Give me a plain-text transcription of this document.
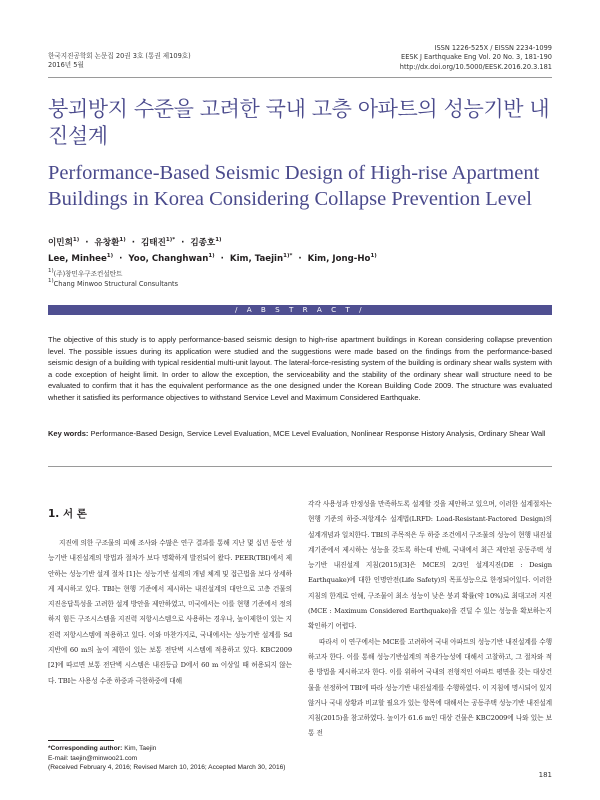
한국지진공학회 논문집 20권 3호 (통권 제109호)
2016년 5월
ISSN 1226-525X / EISSN 2234-1099
EESK J Earthquake Eng Vol. 20 No. 3, 181-190
http://dx.doi.org/10.5000/EESK.2016.20.3.181
붕괴방지 수준을 고려한 국내 고층 아파트의 성능기반 내진설계
Performance-Based Seismic Design of High-rise Apartment Buildings in Korea Considering Collapse Prevention Level
이민희$^{1)}$  ·  유창환$^{1)}$  ·  김태진$^{1)*}$  ·  김종호$^{1)}$
Lee, Minhee$^{1)}$  ·  Yoo, Changhwan$^{1)}$  ·  Kim, Taejin$^{1)*}$  ·  Kim, Jong-Ho$^{1)}$
$^{1)}$(주)창민우구조컨설탄트
$^{1)}$Chang Minwoo Structural Consultants
/ A B S T R A C T /
The objective of this study is to apply performance-based seismic design to high-rise apartment buildings in Korean considering collapse prevention level. The possible issues during its application were studied and the suggestions were made based on the findings from the performance-based seismic design of a building with typical residential multi-unit layout. The lateral-force-resisting system of the building is ordinary shear walls system with a code exception of height limit. In order to allow the exception, the serviceability and the stability of the ordinary shear wall structure need to be evaluated to confirm that it has the equivalent performance as the one designed under the Korean Building Code 2009. The structure was evaluated whether it satisfied its performance objectives to withstand Service Level and Maximum Considered Earthquake.
Key words: Performance-Based Design, Service Level Evaluation, MCE Level Evaluation, Nonlinear Response History Analysis, Ordinary Shear Wall
1. 서 론

지진에 의한 구조물의 피해 조사와 수많은 연구 결과를 통해 지난 몇 십년 동안 성능기반 내진설계의 방법과 절차가 보다 명확하게 발전되어 왔다. PEER(TBI)에서 제안하는 성능기반 설계 절차 [1]는 성능기반 설계의 개념 체계 및 접근법을 보다 상세하게 제시하고 있다. TBI는 현행 기준에서 제시하는 내진설계의 대안으로 고층 건물의 지진응답특성을 고려한 설계 방안을 제안하였고, 미국에서는 이를 현행 기준에서 정의하지 힘든 구조시스템을 지진력 저항시스템으로 사용하는 경우나, 높이제한이 있는 지진력 저항시스템에 적용하고 있다. 이와 마찬가지로, 국내에서는 성능기반 설계를 Sd지반에 60 m의 높이 제한이 있는 보통 전단벽 시스템에 적용하고 있다. KBC2009 [2]에 따르면 보통 전단벽 시스템은 내진등급 D에서 60 m 이상일 때 허용되지 않는다. TBI는 사용성 수준 하중과 극한하중에 대해

각각 사용성과 안정성을 만족하도록 설계할 것을 제안하고 있으며, 이러한 설계절차는 현행 기준의 하중-저항계수 설계법(LRFD: Load-Resistant-Factored Design)의 설계개념과 일치한다. TBI의 주목적은 두 하중 조건에서 구조물의 성능이 현행 내진설계기준에서 제시하는 성능을 갖도록 하는데 반해, 국내에서 최근 제안된 공동주택 성능기반 내진설계 지침(2015)[3]은 MCE의 2/3인 설계지진(DE : Design Earthquake)에 대한 인명안전(Life Safety)의 목표성능으로 한정되어있다. 이러한 지침의 한계로 인해, 구조물이 최소 성능이 낮은 붕괴 확률(약 10%)로 최대고려 지진(MCE : Maximum Considered Earthquake)을 견딜 수 있는 성능을 확보하는지 확인하기 어렵다.

따라서 이 연구에서는 MCE를 고려하여 국내 아파트의 성능기반 내진설계를 수행하고자 한다. 이를 통해 성능기반설계의 적용가능성에 대해서 고찰하고, 그 절차와 적용 방법을 제시하고자 한다. 이를 위하여 국내의 전형적인 아파트 평면을 갖는 대상건물을 선정하여 TBI에 따라 성능기반 내진설계를 수행하였다. 이 지침에 명시되어 있지 않거나 국내 상황과 비교할 필요가 있는 항목에 대해서는 공동주택 성능기반 내진설계 지침(2015)을 참고하였다. 높이가 61.6 m인 대상 건물은 KBC2009에 나와 있는 보통 전

*Corresponding author: Kim, Taejin
E-mail: taejin@minwoo21.com
(Received February 4, 2016; Revised March 10, 2016; Accepted March 30, 2016)
181
